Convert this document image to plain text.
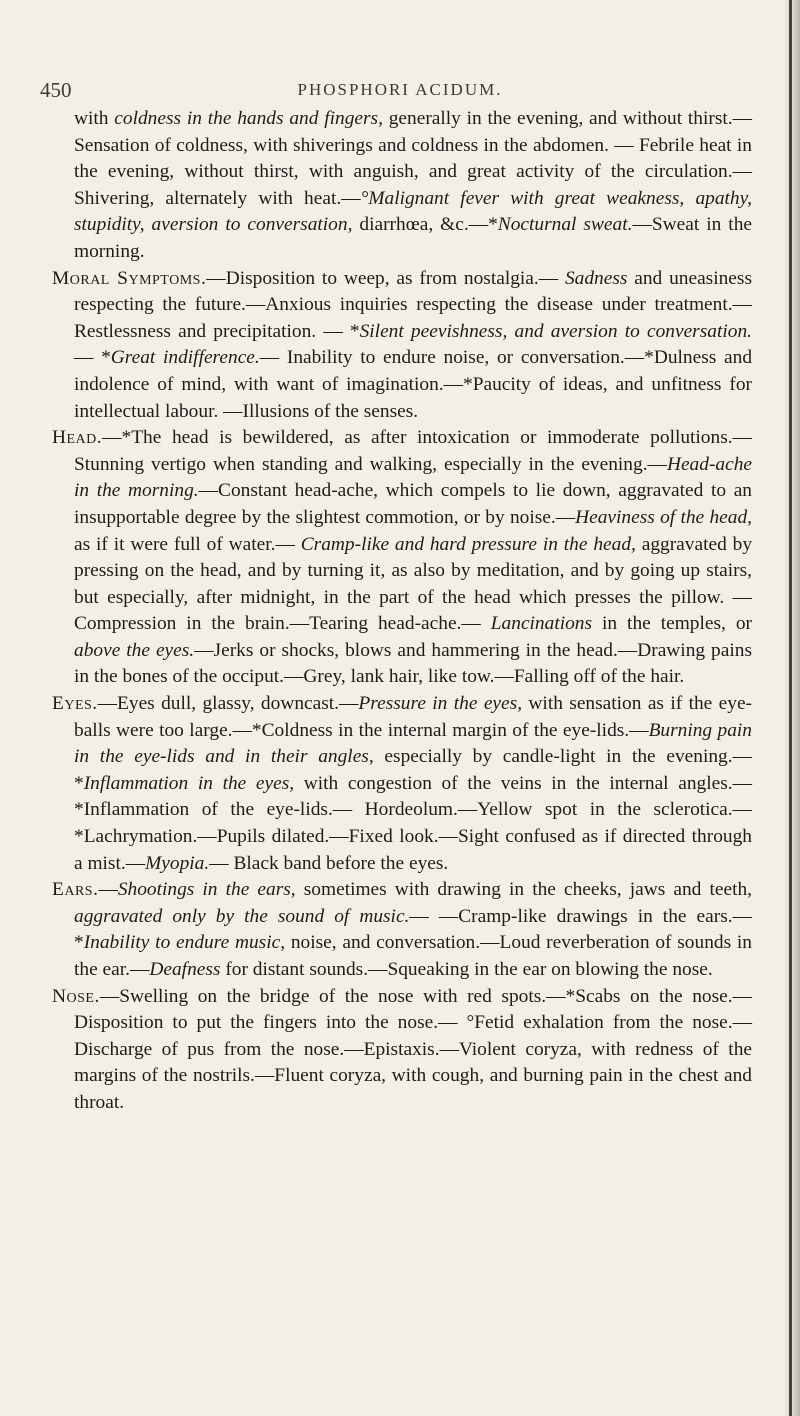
450	PHOSPHORI ACIDUM.

with coldness in the hands and fingers, generally in the evening, and without thirst.—Sensation of coldness, with shiverings and coldness in the abdomen. — Febrile heat in the evening, without thirst, with anguish, and great activity of the circulation.—Shivering, alternately with heat.—°Malignant fever with great weakness, apathy, stupidity, aversion to conversation, diarrhœa, &c.—*Nocturnal sweat.—Sweat in the morning.

Moral Symptoms.—Disposition to weep, as from nostalgia.— Sadness and uneasiness respecting the future.—Anxious inquiries respecting the disease under treatment.—Restlessness and precipitation. — *Silent peevishness, and aversion to conversation. — *Great indifference.— Inability to endure noise, or conversation.—*Dulness and indolence of mind, with want of imagination.—*Paucity of ideas, and unfitness for intellectual labour. —Illusions of the senses.

Head.—*The head is bewildered, as after intoxication or immoderate pollutions.—Stunning vertigo when standing and walking, especially in the evening.—Head-ache in the morning.—Constant head-ache, which compels to lie down, aggravated to an insupportable degree by the slightest commotion, or by noise.—Heaviness of the head, as if it were full of water.— Cramp-like and hard pressure in the head, aggravated by pressing on the head, and by turning it, as also by meditation, and by going up stairs, but especially, after midnight, in the part of the head which presses the pillow. — Compression in the brain.—Tearing head-ache.— Lancinations in the temples, or above the eyes.—Jerks or shocks, blows and hammering in the head.—Drawing pains in the bones of the occiput.—Grey, lank hair, like tow.—Falling off of the hair.

Eyes.—Eyes dull, glassy, downcast.—Pressure in the eyes, with sensation as if the eye-balls were too large.—*Coldness in the internal margin of the eye-lids.—Burning pain in the eye-lids and in their angles, especially by candle-light in the evening.—*Inflammation in the eyes, with congestion of the veins in the internal angles.—*Inflammation of the eye-lids.— Hordeolum.—Yellow spot in the sclerotica.—*Lachrymation.—Pupils dilated.—Fixed look.—Sight confused as if directed through a mist.—Myopia.— Black band before the eyes.

Ears.—Shootings in the ears, sometimes with drawing in the cheeks, jaws and teeth, aggravated only by the sound of music.— —Cramp-like drawings in the ears.—*Inability to endure music, noise, and conversation.—Loud reverberation of sounds in the ear.—Deafness for distant sounds.—Squeaking in the ear on blowing the nose.

Nose.—Swelling on the bridge of the nose with red spots.—*Scabs on the nose.—Disposition to put the fingers into the nose.— °Fetid exhalation from the nose.—Discharge of pus from the nose.—Epistaxis.—Violent coryza, with redness of the margins of the nostrils.—Fluent coryza, with cough, and burning pain in the chest and throat.
